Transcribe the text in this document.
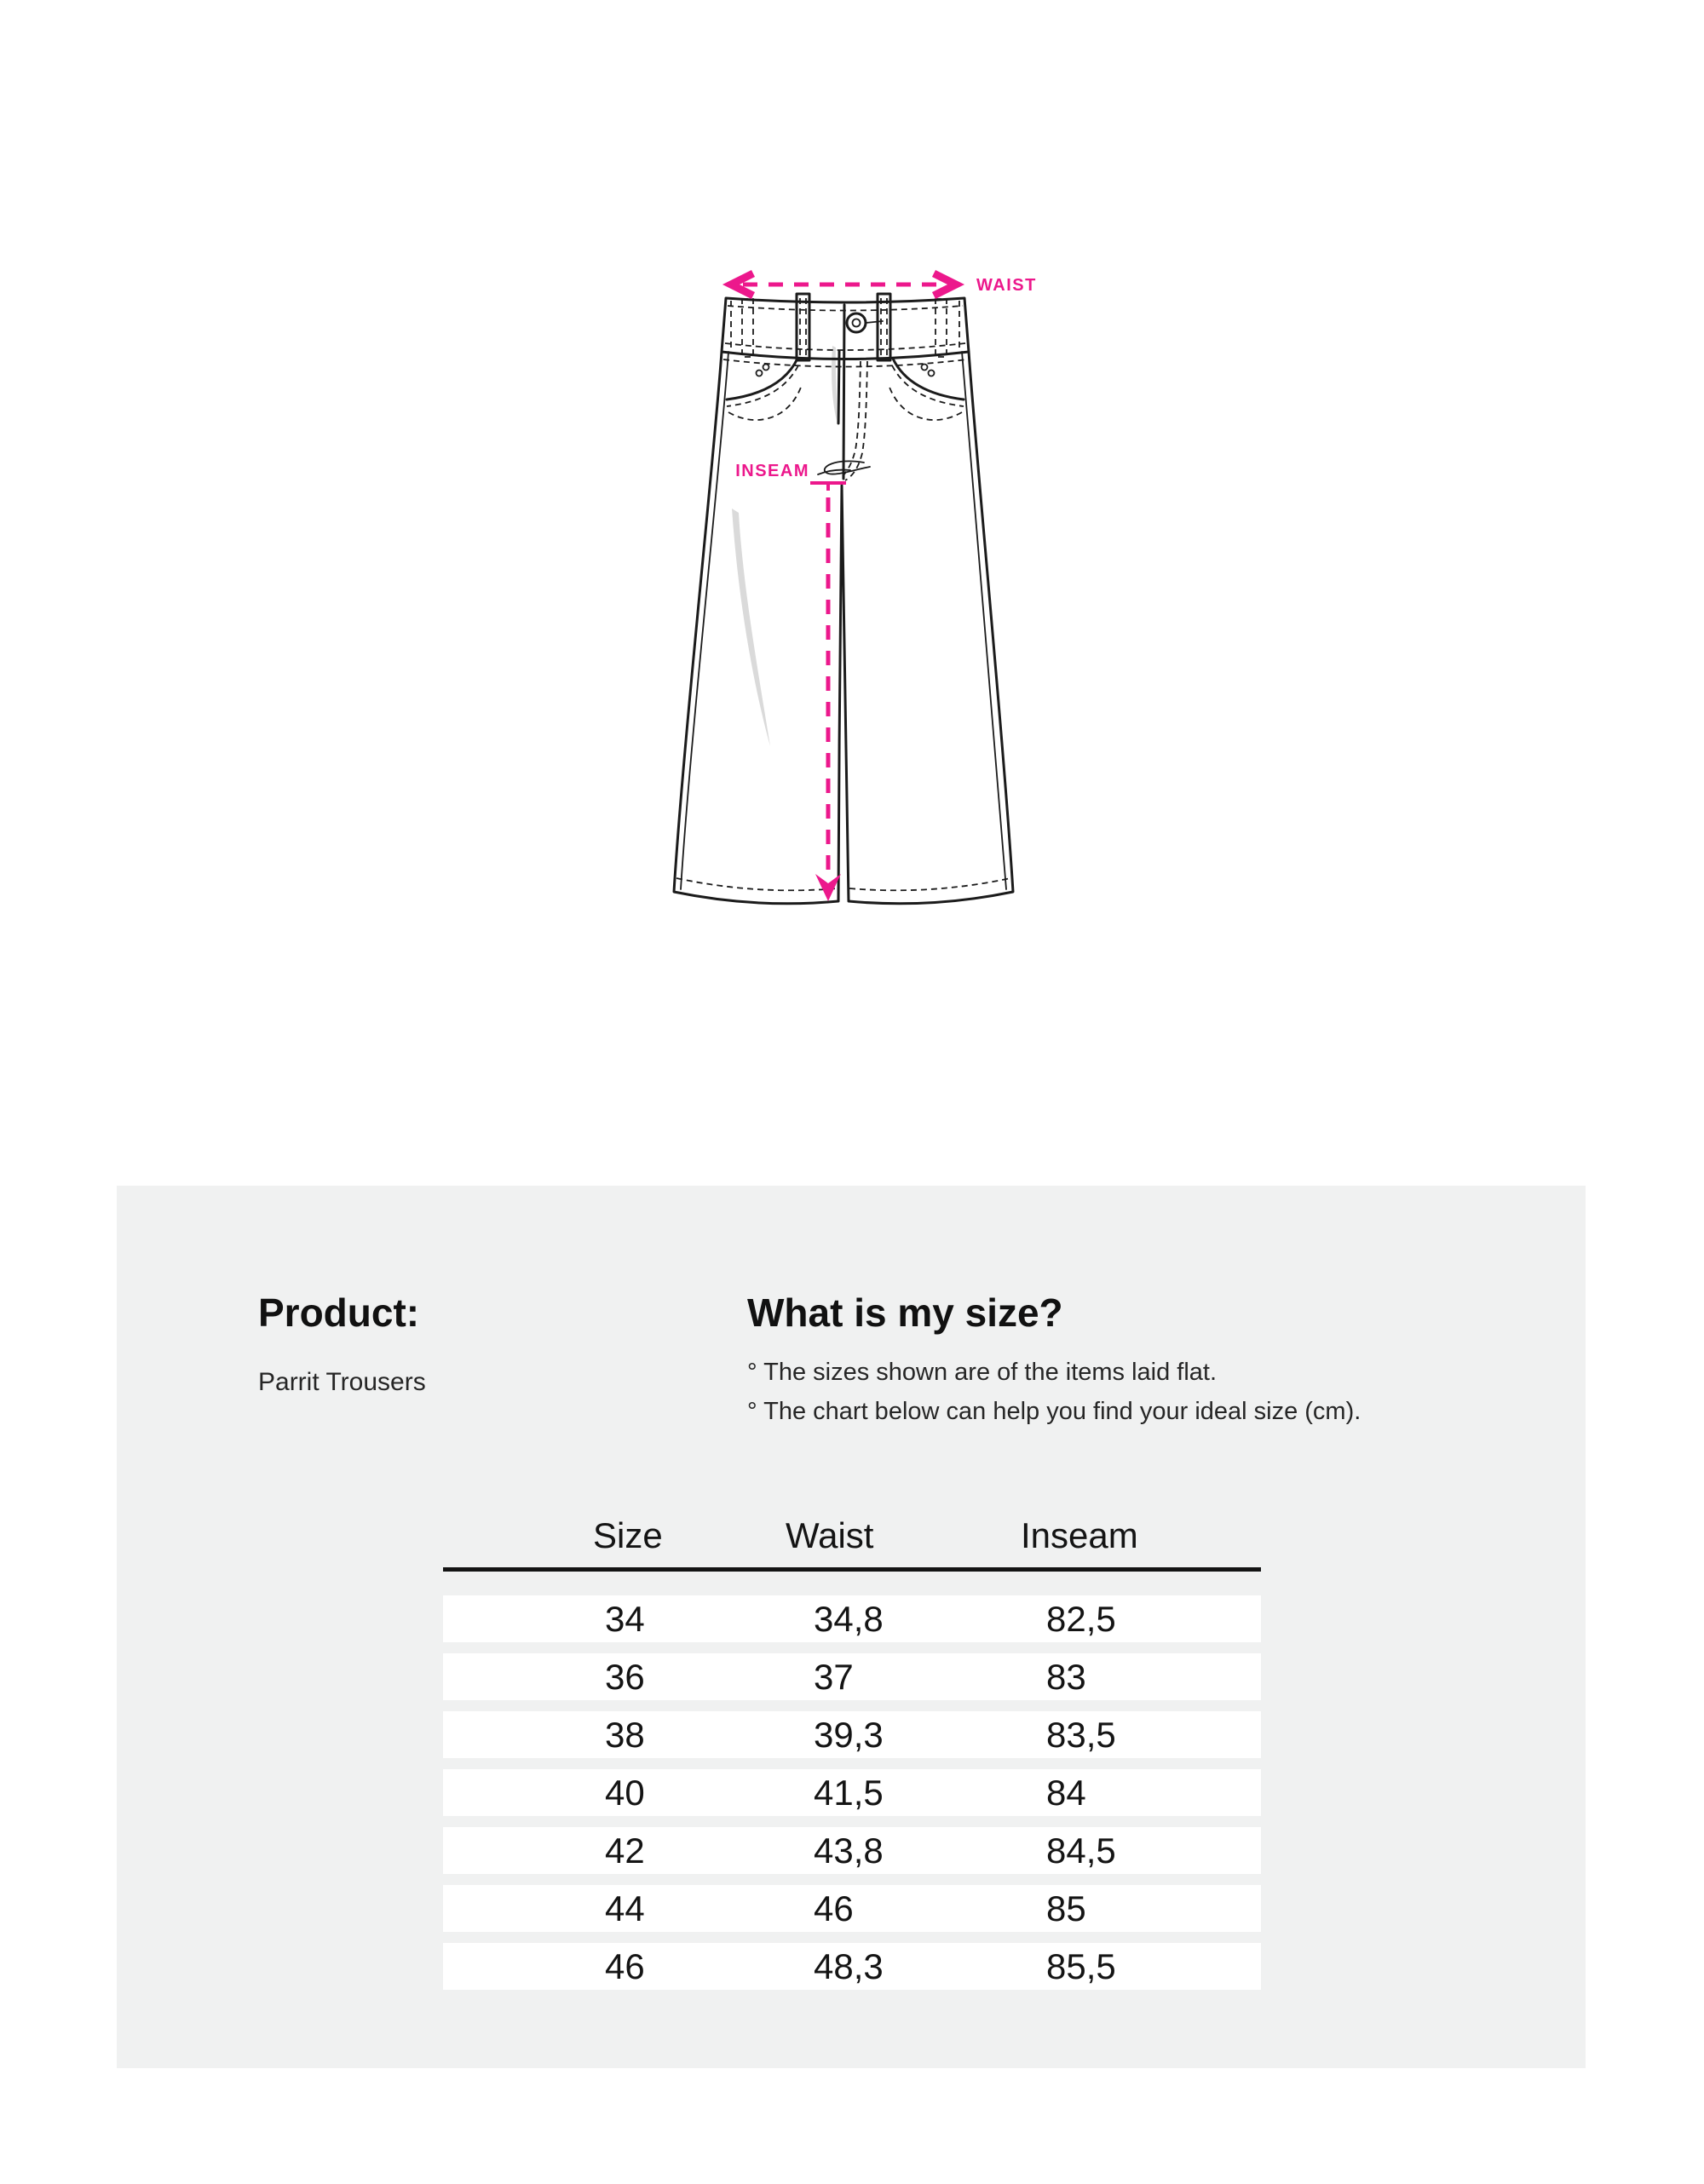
WAIST
INSEAM
Product:

Parrit Trousers

What is my size?

° The sizes shown are of the items laid flat.

° The chart below can help you find your ideal size (cm).

Size	Waist	Inseam
34	34,8	82,5
36	37	83
38	39,3	83,5
40	41,5	84
42	43,8	84,5
44	46	85
46	48,3	85,5
